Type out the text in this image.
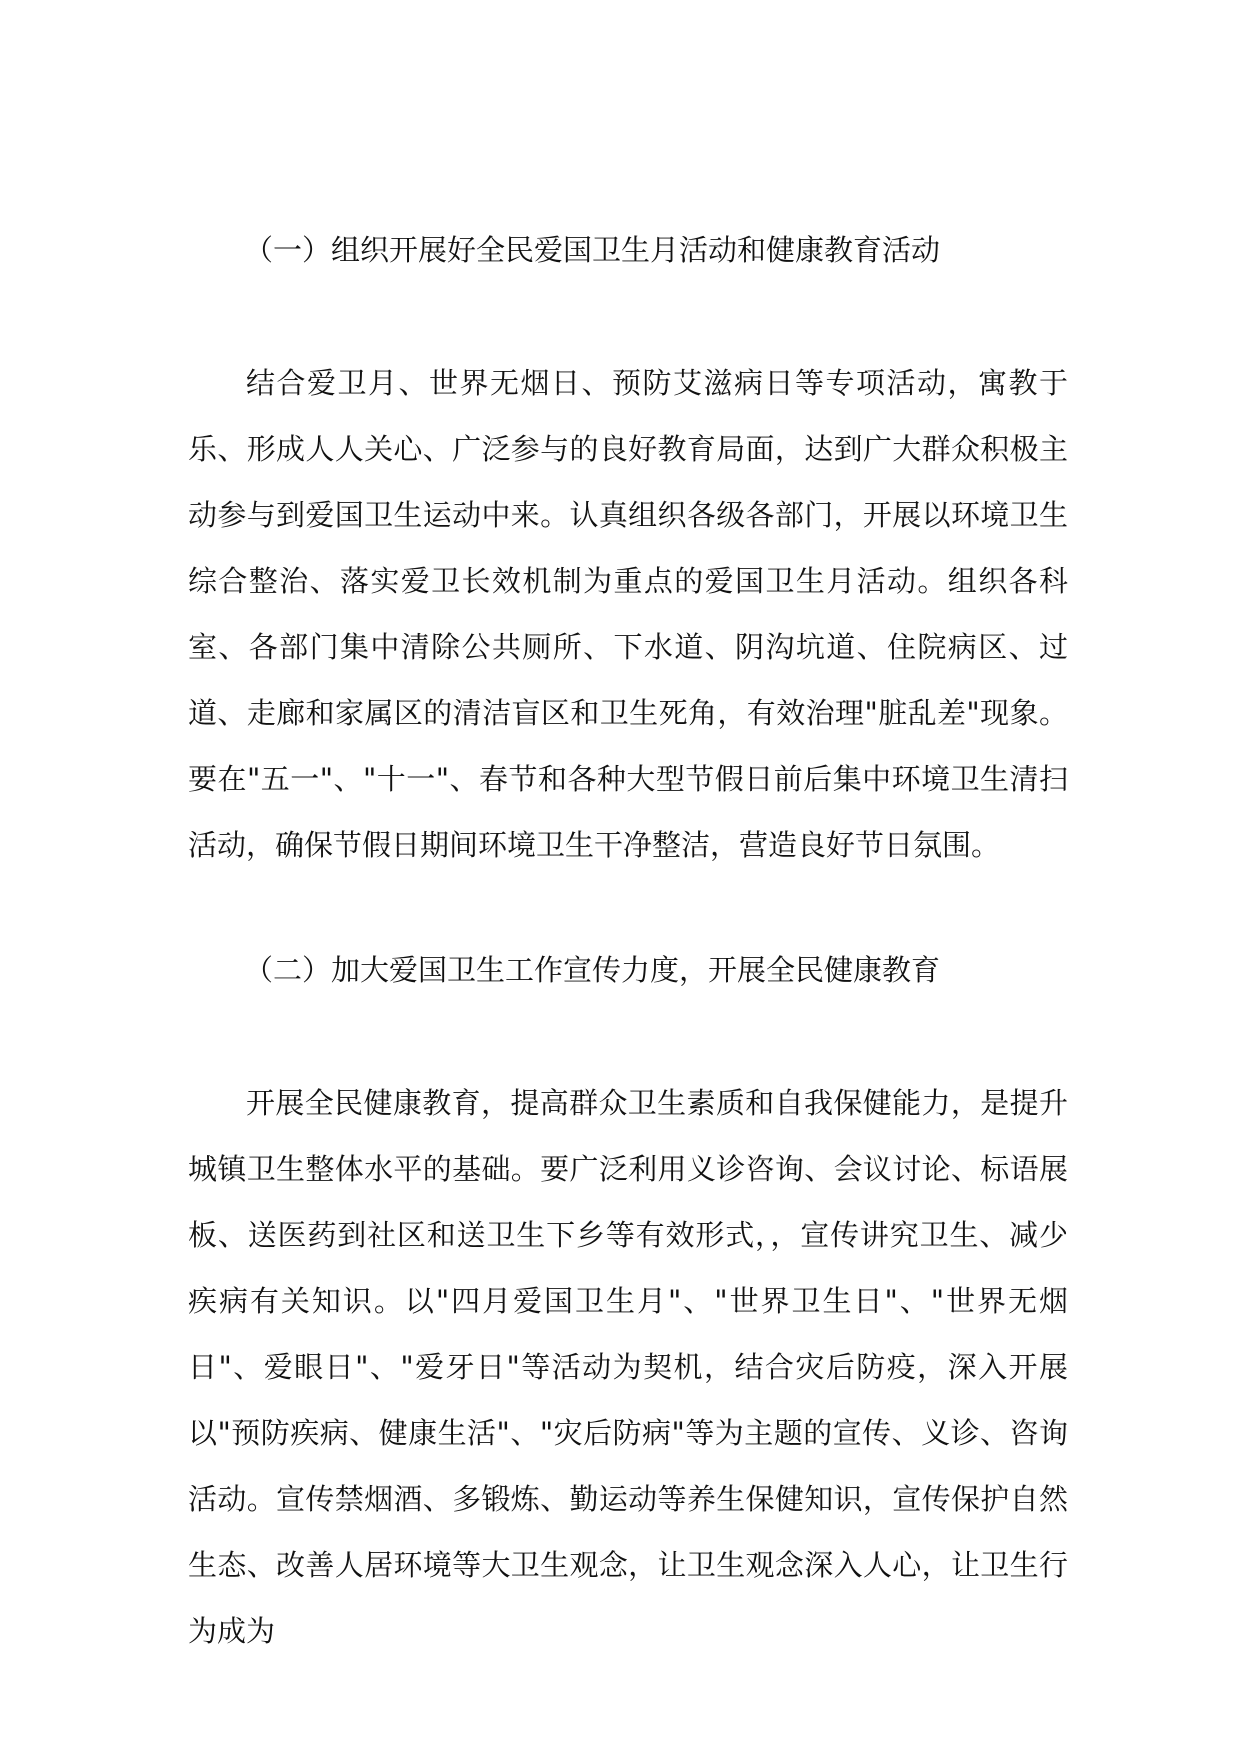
（一）组织开展好全民爱国卫生月活动和健康教育活动
结合爱卫月、世界无烟日、预防艾滋病日等专项活动，寓教于乐、形成人人关心、广泛参与的良好教育局面，达到广大群众积极主动参与到爱国卫生运动中来。认真组织各级各部门，开展以环境卫生综合整治、落实爱卫长效机制为重点的爱国卫生月活动。组织各科室、各部门集中清除公共厕所、下水道、阴沟坑道、住院病区、过道、走廊和家属区的清洁盲区和卫生死角，有效治理"脏乱差"现象。要在"五一"、"十一"、春节和各种大型节假日前后集中环境卫生清扫活动，确保节假日期间环境卫生干净整洁，营造良好节日氛围。
（二）加大爱国卫生工作宣传力度，开展全民健康教育
开展全民健康教育，提高群众卫生素质和自我保健能力，是提升城镇卫生整体水平的基础。要广泛利用义诊咨询、会议讨论、标语展板、送医药到社区和送卫生下乡等有效形式，，宣传讲究卫生、减少疾病有关知识。以"四月爱国卫生月"、"世界卫生日"、"世界无烟日"、爱眼日"、"爱牙日"等活动为契机，结合灾后防疫，深入开展以"预防疾病、健康生活"、"灾后防病"等为主题的宣传、义诊、咨询活动。宣传禁烟酒、多锻炼、勤运动等养生保健知识，宣传保护自然生态、改善人居环境等大卫生观念，让卫生观念深入人心，让卫生行为成为
